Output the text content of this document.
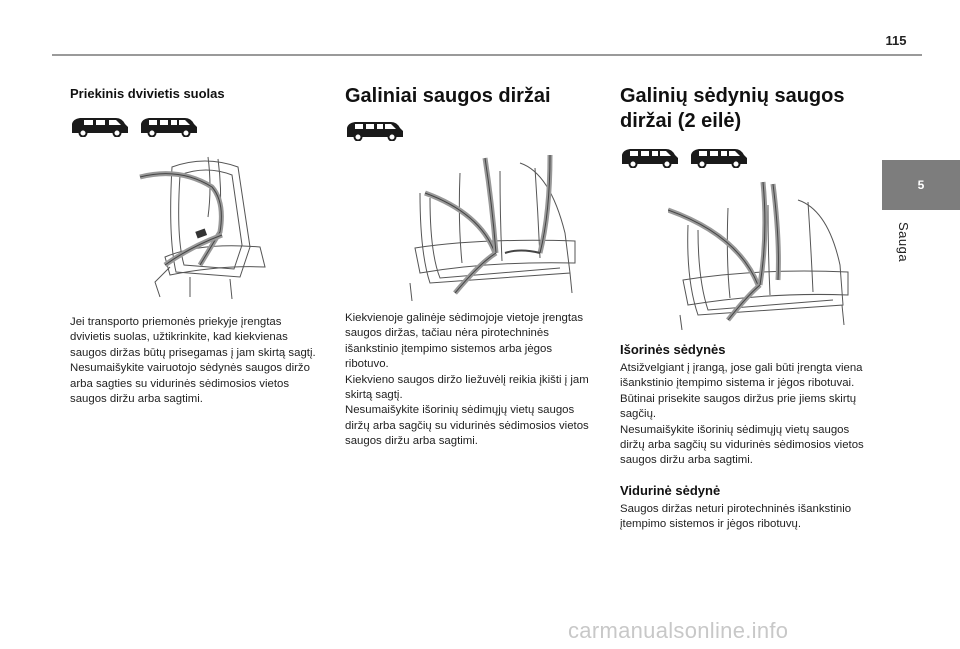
115
5
Sauga
Priekinis dvivietis suolas

Jei transporto priemonės priekyje įrengtas
dvivietis suolas, užtikrinkite, kad kiekvienas
saugos diržas būtų prisegamas į jam skirtą sagtį.
Nesumaišykite vairuotojo sėdynės saugos diržo
arba sagties su vidurinės sėdimosios vietos
saugos diržu arba sagtimi.

Galiniai saugos diržai

Kiekvienoje galinėje sėdimojoje vietoje įrengtas
saugos diržas, tačiau nėra pirotechninės
išankstinio įtempimo sistemos arba jėgos
ribotuvo.
Kiekvieno saugos diržo liežuvėlį reikia įkišti į jam
skirtą sagtį.
Nesumaišykite išorinių sėdimųjų vietų saugos
diržų arba sagčių su vidurinės sėdimosios vietos
saugos diržu arba sagtimi.

Galinių sėdynių saugos
diržai (2 eilė)
Išorinės sėdynės

Atsižvelgiant į įrangą, jose gali būti įrengta viena
išankstinio įtempimo sistema ir jėgos ribotuvai.
Būtinai prisekite saugos diržus prie jiems skirtų
sagčių.
Nesumaišykite išorinių sėdimųjų vietų saugos
diržų arba sagčių su vidurinės sėdimosios vietos
saugos diržu arba sagtimi.

Vidurinė sėdynė

Saugos diržas neturi pirotechninės išankstinio
įtempimo sistemos ir jėgos ribotuvų.

carmanualsonline.info
